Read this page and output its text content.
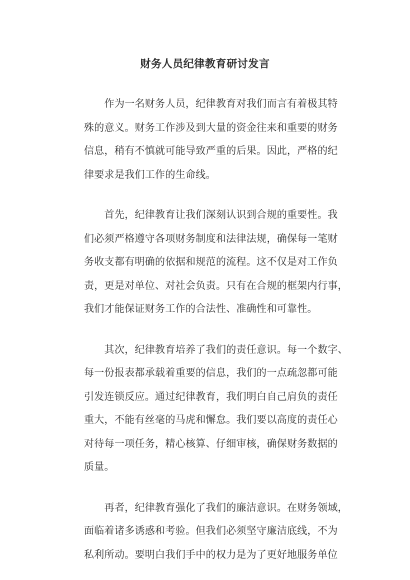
财务人员纪律教育研讨发言
　　作为一名财务人员，纪律教育对我们而言有着极其特
殊的意义。财务工作涉及到大量的资金往来和重要的财务
信息，稍有不慎就可能导致严重的后果。因此，严格的纪
律要求是我们工作的生命线。
　　首先，纪律教育让我们深刻认识到合规的重要性。我
们必须严格遵守各项财务制度和法律法规，确保每一笔财
务收支都有明确的依据和规范的流程。这不仅是对工作负
责，更是对单位、对社会负责。只有在合规的框架内行事，
我们才能保证财务工作的合法性、准确性和可靠性。
　　其次，纪律教育培养了我们的责任意识。每一个数字、
每一份报表都承载着重要的信息，我们的一点疏忽都可能
引发连锁反应。通过纪律教育，我们明白自己肩负的责任
重大，不能有丝毫的马虎和懈怠。我们要以高度的责任心
对待每一项任务，精心核算、仔细审核，确保财务数据的
质量。
　　再者，纪律教育强化了我们的廉洁意识。在财务领域，
面临着诸多诱惑和考验。但我们必须坚守廉洁底线，不为
私利所动。要明白我们手中的权力是为了更好地服务单位
